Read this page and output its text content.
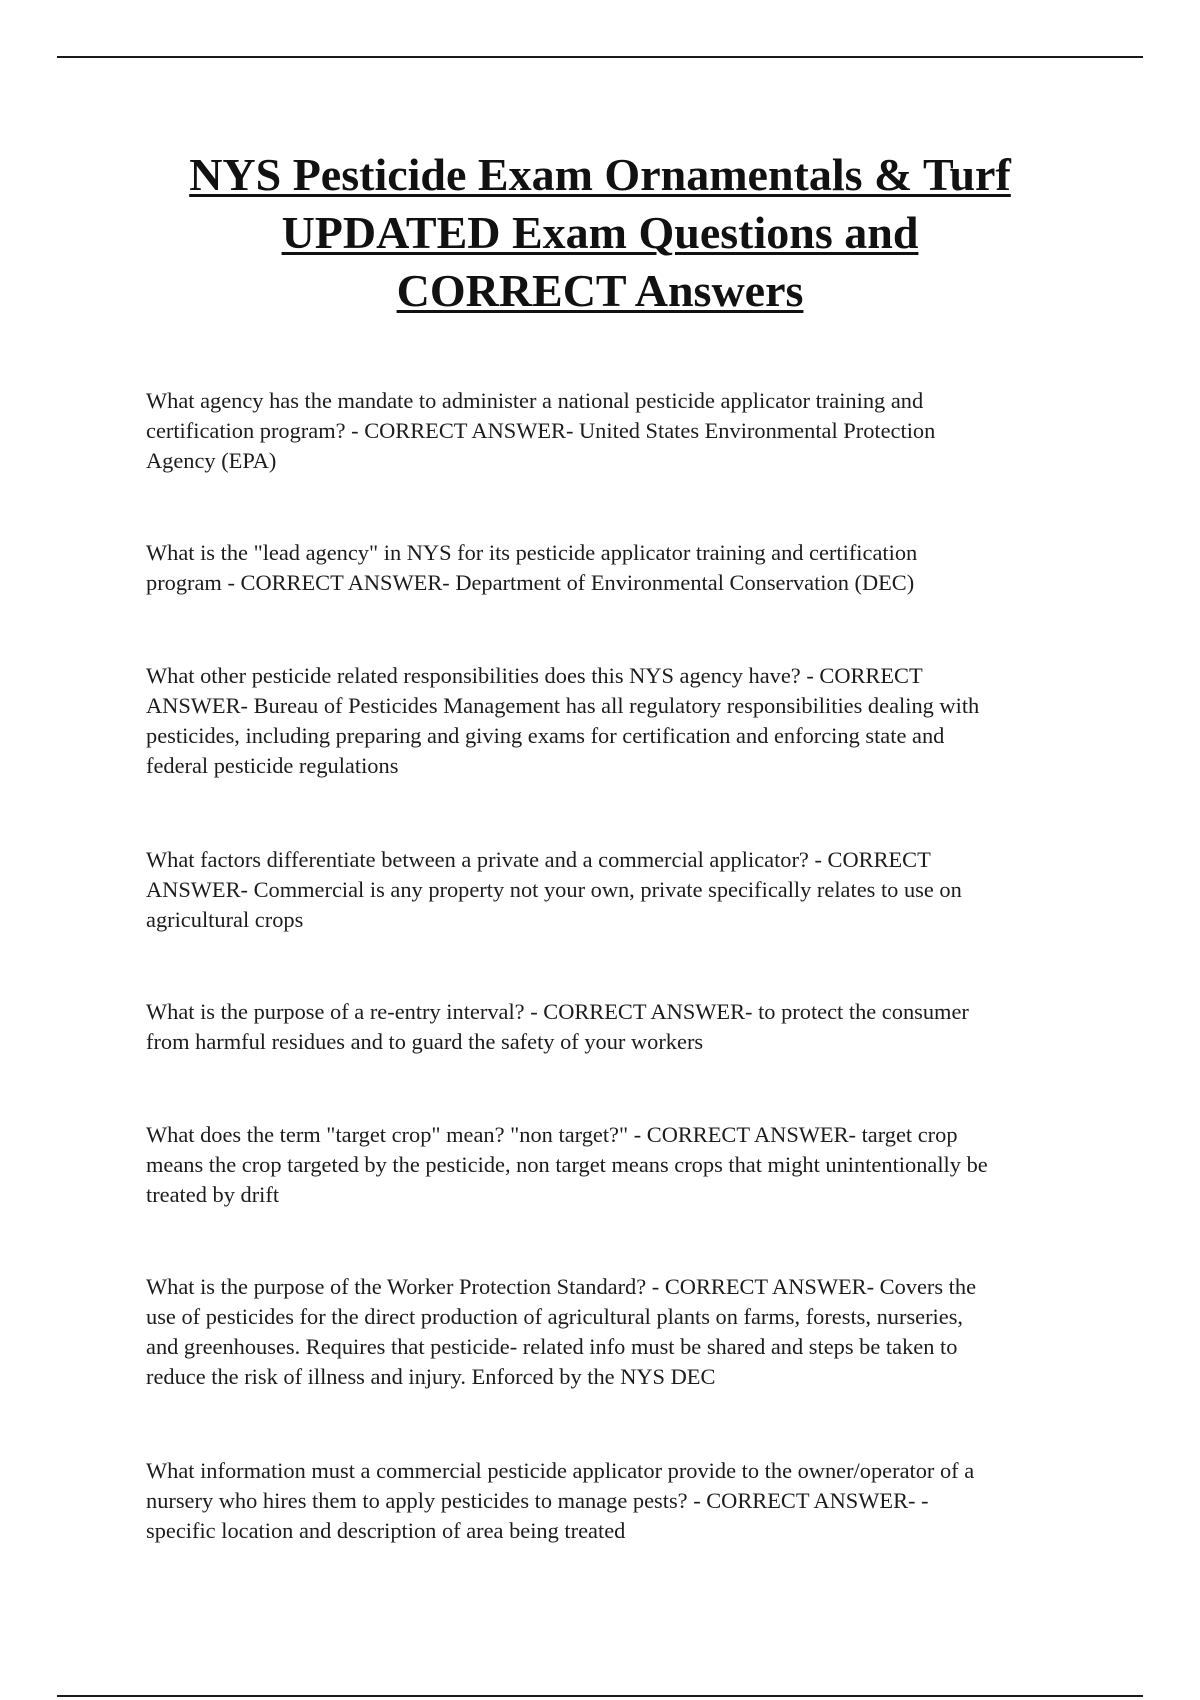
NYS Pesticide Exam Ornamentals & Turf
UPDATED Exam Questions and
CORRECT Answers

What agency has the mandate to administer a national pesticide applicator training and
certification program? - CORRECT ANSWER- United States Environmental Protection
Agency (EPA)

What is the "lead agency" in NYS for its pesticide applicator training and certification
program - CORRECT ANSWER- Department of Environmental Conservation (DEC)

What other pesticide related responsibilities does this NYS agency have? - CORRECT
ANSWER- Bureau of Pesticides Management has all regulatory responsibilities dealing with
pesticides, including preparing and giving exams for certification and enforcing state and
federal pesticide regulations

What factors differentiate between a private and a commercial applicator? - CORRECT
ANSWER- Commercial is any property not your own, private specifically relates to use on
agricultural crops

What is the purpose of a re-entry interval? - CORRECT ANSWER- to protect the consumer
from harmful residues and to guard the safety of your workers

What does the term "target crop" mean? "non target?" - CORRECT ANSWER- target crop
means the crop targeted by the pesticide, non target means crops that might unintentionally be
treated by drift

What is the purpose of the Worker Protection Standard? - CORRECT ANSWER- Covers the
use of pesticides for the direct production of agricultural plants on farms, forests, nurseries,
and greenhouses. Requires that pesticide- related info must be shared and steps be taken to
reduce the risk of illness and injury. Enforced by the NYS DEC

What information must a commercial pesticide applicator provide to the owner/operator of a
nursery who hires them to apply pesticides to manage pests? - CORRECT ANSWER- -
specific location and description of area being treated
